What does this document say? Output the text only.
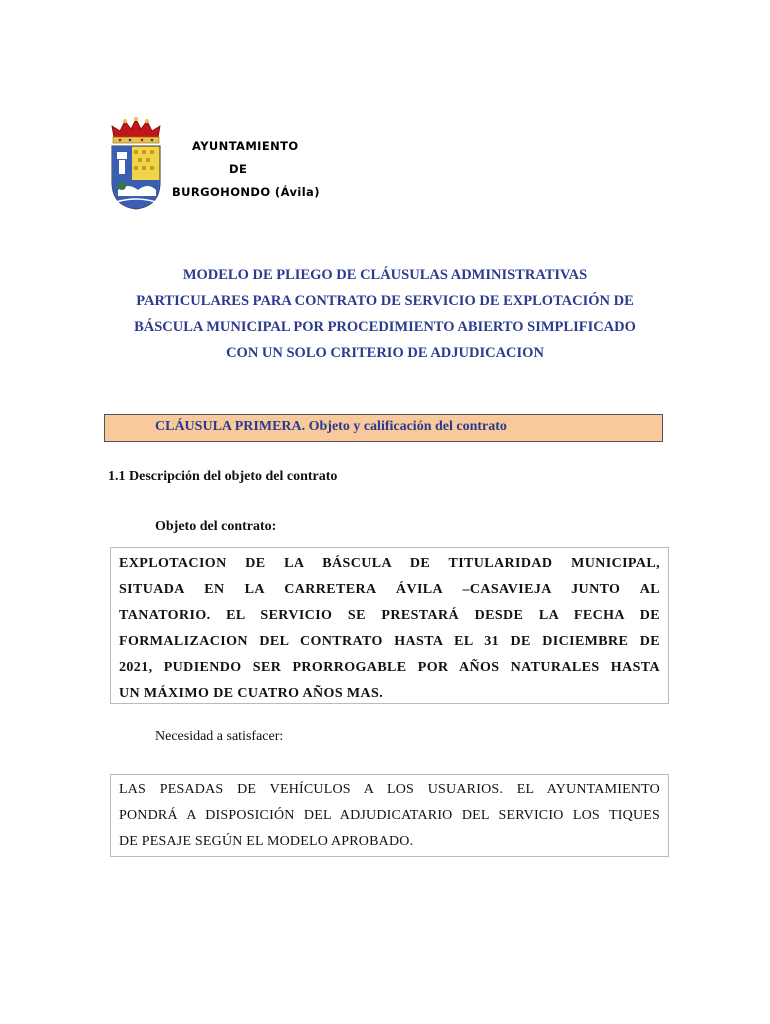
AYUNTAMIENTO
DE
BURGOHONDO (Ávila)
MODELO DE PLIEGO DE CLÁUSULAS ADMINISTRATIVAS
PARTICULARES PARA CONTRATO DE SERVICIO DE EXPLOTACIÓN DE
BÁSCULA MUNICIPAL POR PROCEDIMIENTO ABIERTO SIMPLIFICADO
CON UN SOLO CRITERIO DE ADJUDICACION
CLÁUSULA PRIMERA. Objeto y calificación del contrato
1.1 Descripción del objeto del contrato
Objeto del contrato:
EXPLOTACION DE LA BÁSCULA DE TITULARIDAD MUNICIPAL,
SITUADA EN LA CARRETERA ÁVILA –CASAVIEJA JUNTO AL
TANATORIO. EL SERVICIO SE PRESTARÁ DESDE LA FECHA DE
FORMALIZACION DEL CONTRATO HASTA EL 31 DE DICIEMBRE DE
2021, PUDIENDO SER PRORROGABLE POR AÑOS NATURALES HASTA
UN MÁXIMO DE CUATRO AÑOS MAS.
Necesidad a satisfacer:
LAS PESADAS DE VEHÍCULOS A LOS USUARIOS. EL AYUNTAMIENTO
PONDRÁ A DISPOSICIÓN DEL ADJUDICATARIO DEL SERVICIO LOS TIQUES
DE PESAJE SEGÚN EL MODELO APROBADO.
